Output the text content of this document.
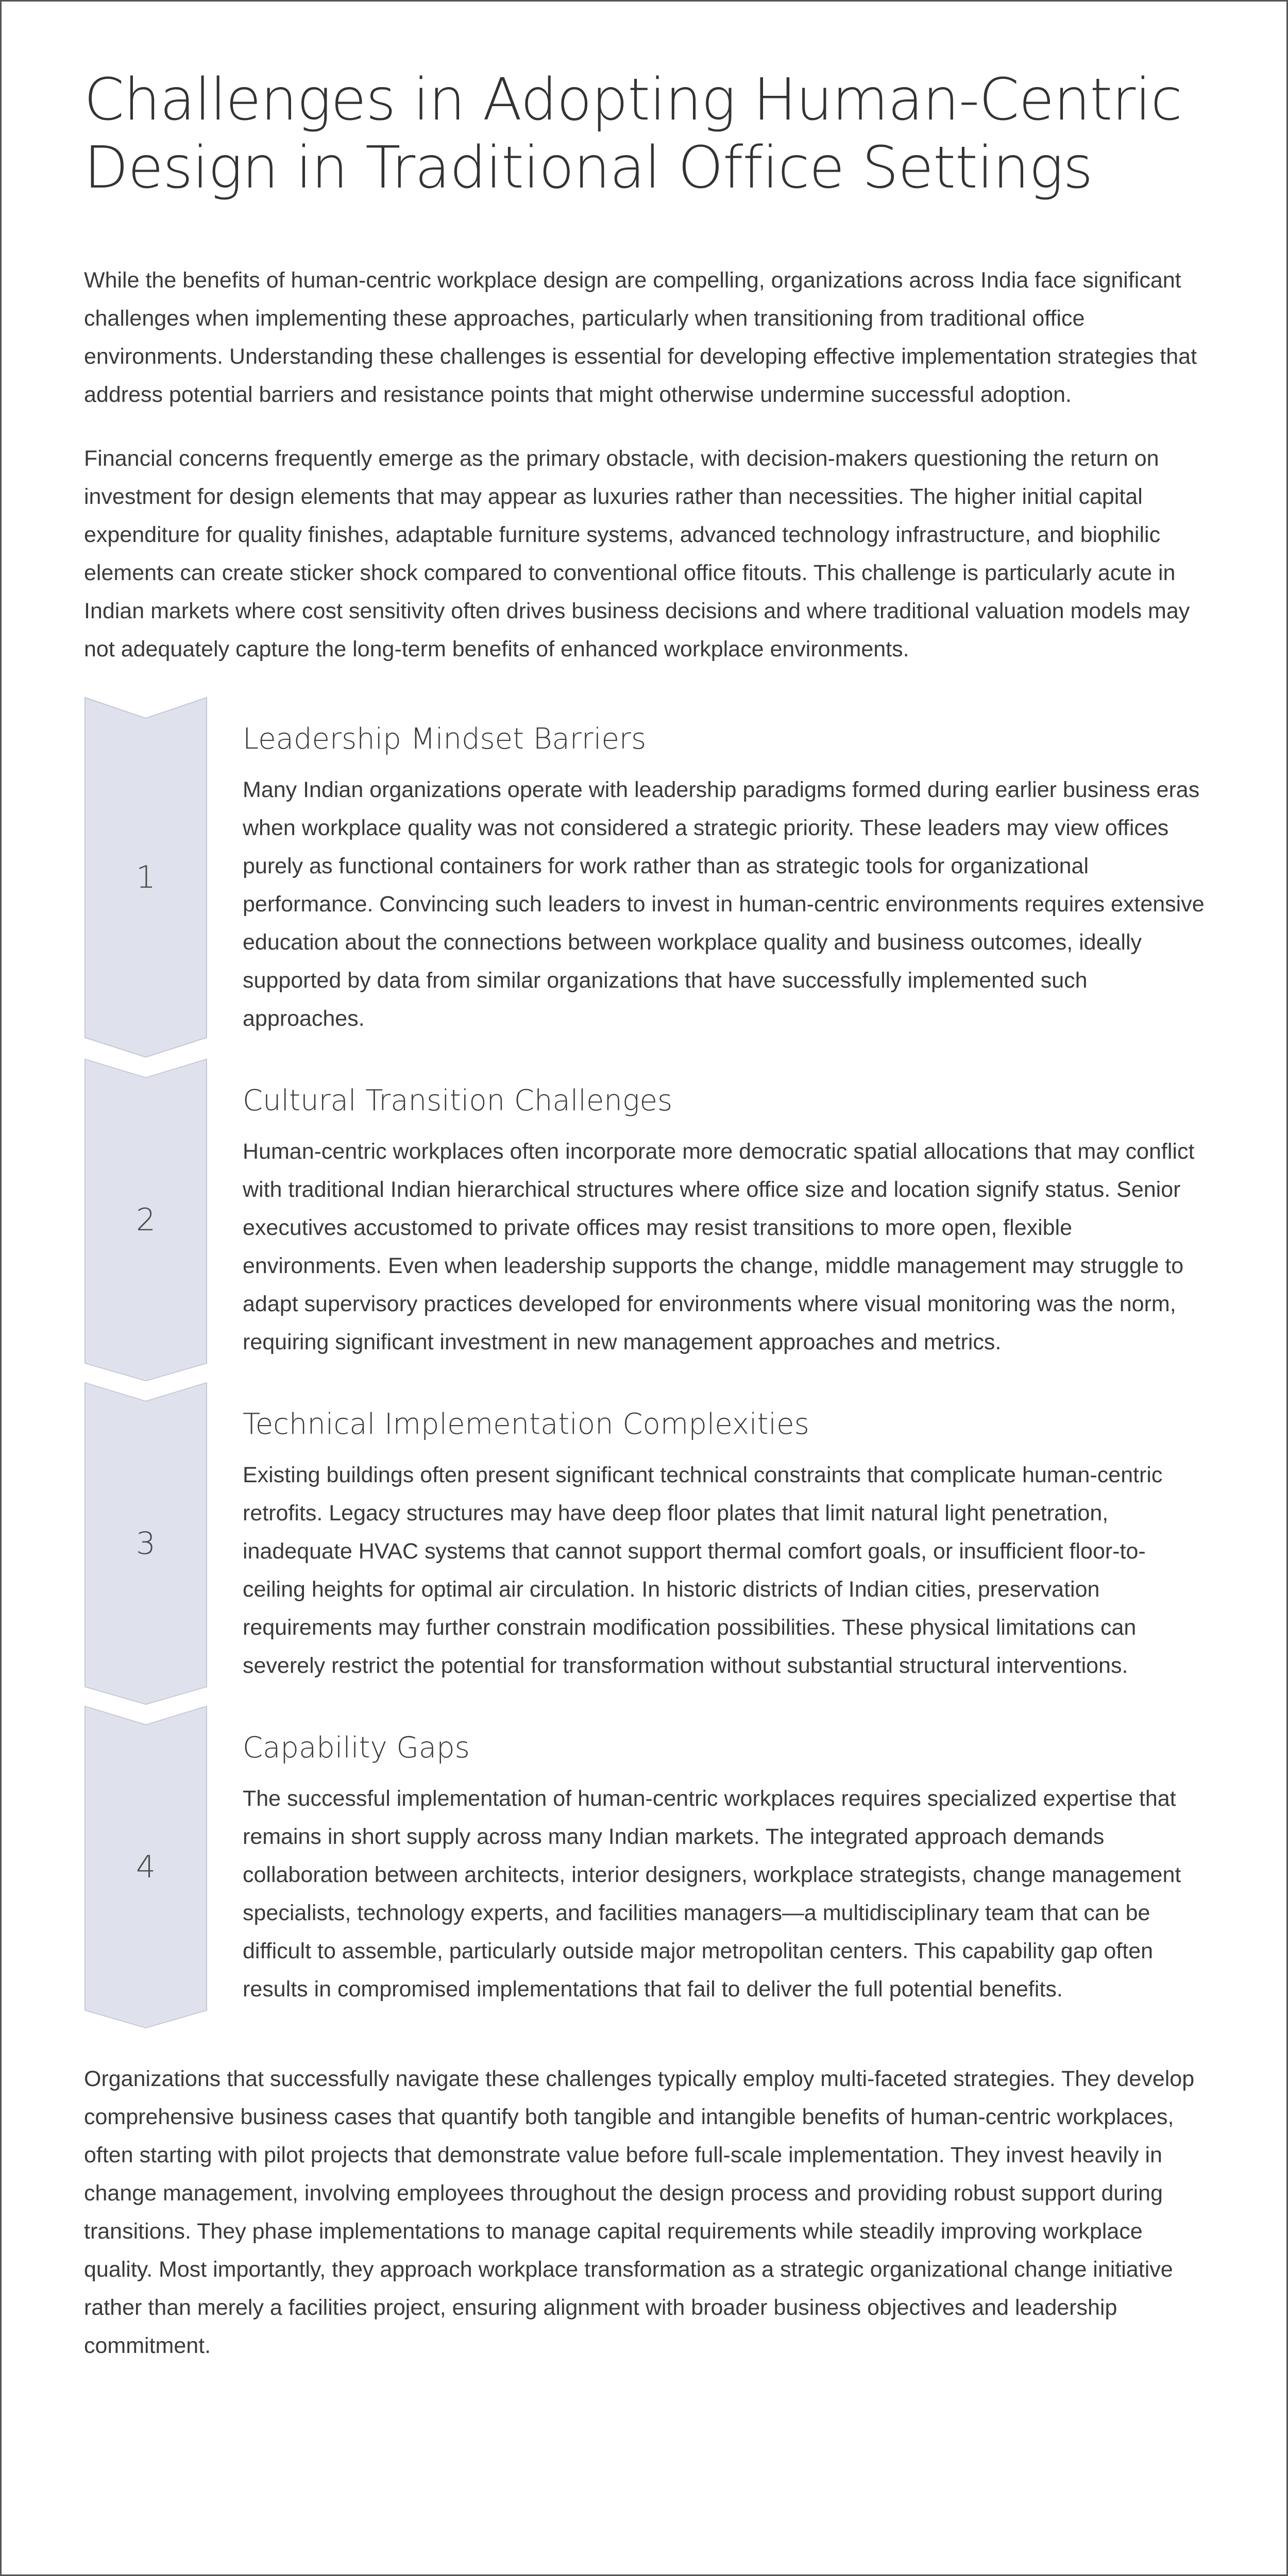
Challenges in Adopting Human-Centric Design in Traditional Office Settings

While the benefits of human-centric workplace design are compelling, organizations across India face significant challenges when implementing these approaches, particularly when transitioning from traditional office environments. Understanding these challenges is essential for developing effective implementation strategies that address potential barriers and resistance points that might otherwise undermine successful adoption.

Financial concerns frequently emerge as the primary obstacle, with decision-makers questioning the return on investment for design elements that may appear as luxuries rather than necessities. The higher initial capital expenditure for quality finishes, adaptable furniture systems, advanced technology infrastructure, and biophilic elements can create sticker shock compared to conventional office fitouts. This challenge is particularly acute in Indian markets where cost sensitivity often drives business decisions and where traditional valuation models may not adequately capture the long-term benefits of enhanced workplace environments.

1
Leadership Mindset Barriers

Many Indian organizations operate with leadership paradigms formed during earlier business eras when workplace quality was not considered a strategic priority. These leaders may view offices purely as functional containers for work rather than as strategic tools for organizational performance. Convincing such leaders to invest in human-centric environments requires extensive education about the connections between workplace quality and business outcomes, ideally supported by data from similar organizations that have successfully implemented such approaches.

2
Cultural Transition Challenges

Human-centric workplaces often incorporate more democratic spatial allocations that may conflict with traditional Indian hierarchical structures where office size and location signify status. Senior executives accustomed to private offices may resist transitions to more open, flexible environments. Even when leadership supports the change, middle management may struggle to adapt supervisory practices developed for environments where visual monitoring was the norm, requiring significant investment in new management approaches and metrics.

3
Technical Implementation Complexities

Existing buildings often present significant technical constraints that complicate human-centric retrofits. Legacy structures may have deep floor plates that limit natural light penetration, inadequate HVAC systems that cannot support thermal comfort goals, or insufficient floor-to-ceiling heights for optimal air circulation. In historic districts of Indian cities, preservation requirements may further constrain modification possibilities. These physical limitations can severely restrict the potential for transformation without substantial structural interventions.

4
Capability Gaps

The successful implementation of human-centric workplaces requires specialized expertise that remains in short supply across many Indian markets. The integrated approach demands collaboration between architects, interior designers, workplace strategists, change management specialists, technology experts, and facilities managers—a multidisciplinary team that can be difficult to assemble, particularly outside major metropolitan centers. This capability gap often results in compromised implementations that fail to deliver the full potential benefits.

Organizations that successfully navigate these challenges typically employ multi-faceted strategies. They develop comprehensive business cases that quantify both tangible and intangible benefits of human-centric workplaces, often starting with pilot projects that demonstrate value before full-scale implementation. They invest heavily in change management, involving employees throughout the design process and providing robust support during transitions. They phase implementations to manage capital requirements while steadily improving workplace quality. Most importantly, they approach workplace transformation as a strategic organizational change initiative rather than merely a facilities project, ensuring alignment with broader business objectives and leadership commitment.
